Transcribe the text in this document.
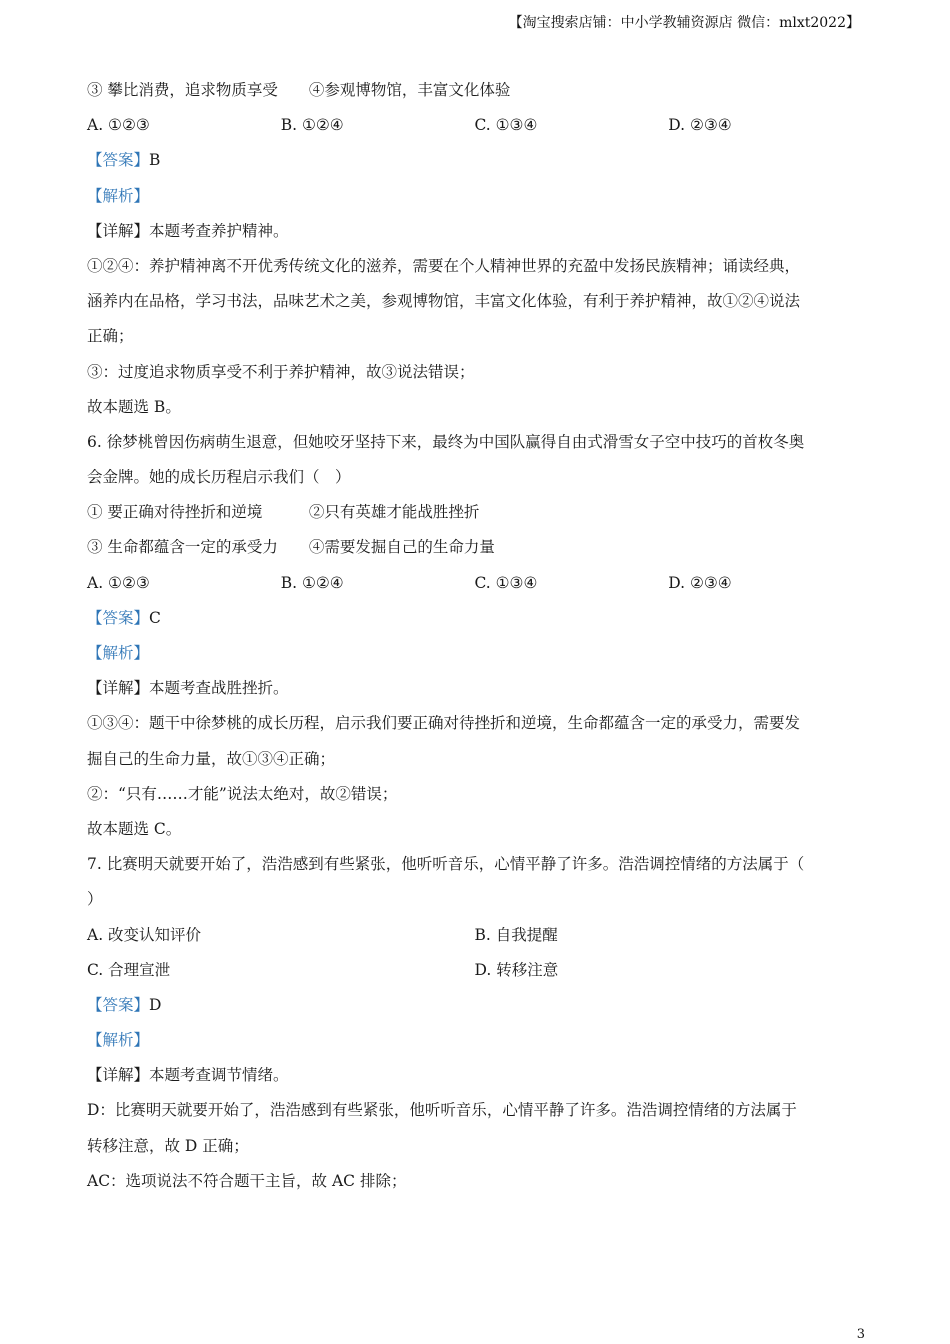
【淘宝搜索店铺：中小学教辅资源店 微信：mlxt2022】
③ 攀比消费，追求物质享受　　④参观博物馆，丰富文化体验
A. ①②③	B. ①②④	C. ①③④	D. ②③④
【答案】B
【解析】
【详解】本题考查养护精神。
①②④：养护精神离不开优秀传统文化的滋养，需要在个人精神世界的充盈中发扬民族精神；诵读经典，
涵养内在品格，学习书法，品味艺术之美，参观博物馆，丰富文化体验，有利于养护精神，故①②④说法
正确；
③：过度追求物质享受不利于养护精神，故③说法错误；
故本题选 B。
6. 徐梦桃曾因伤病萌生退意，但她咬牙坚持下来，最终为中国队赢得自由式滑雪女子空中技巧的首枚冬奥
会金牌。她的成长历程启示我们（　）
① 要正确对待挫折和逆境　　　②只有英雄才能战胜挫折
③ 生命都蕴含一定的承受力　　④需要发掘自己的生命力量
A. ①②③	B. ①②④	C. ①③④	D. ②③④
【答案】C
【解析】
【详解】本题考查战胜挫折。
①③④：题干中徐梦桃的成长历程，启示我们要正确对待挫折和逆境，生命都蕴含一定的承受力，需要发
掘自己的生命力量，故①③④正确；
②：“只有……才能”说法太绝对，故②错误；
故本题选 C。
7. 比赛明天就要开始了，浩浩感到有些紧张，他听听音乐，心情平静了许多。浩浩调控情绪的方法属于（
）
A. 改变认知评价	B. 自我提醒
C. 合理宣泄	D. 转移注意
【答案】D
【解析】
【详解】本题考查调节情绪。
D：比赛明天就要开始了，浩浩感到有些紧张，他听听音乐，心情平静了许多。浩浩调控情绪的方法属于
转移注意，故 D 正确；
AC：选项说法不符合题干主旨，故 AC 排除；
3
